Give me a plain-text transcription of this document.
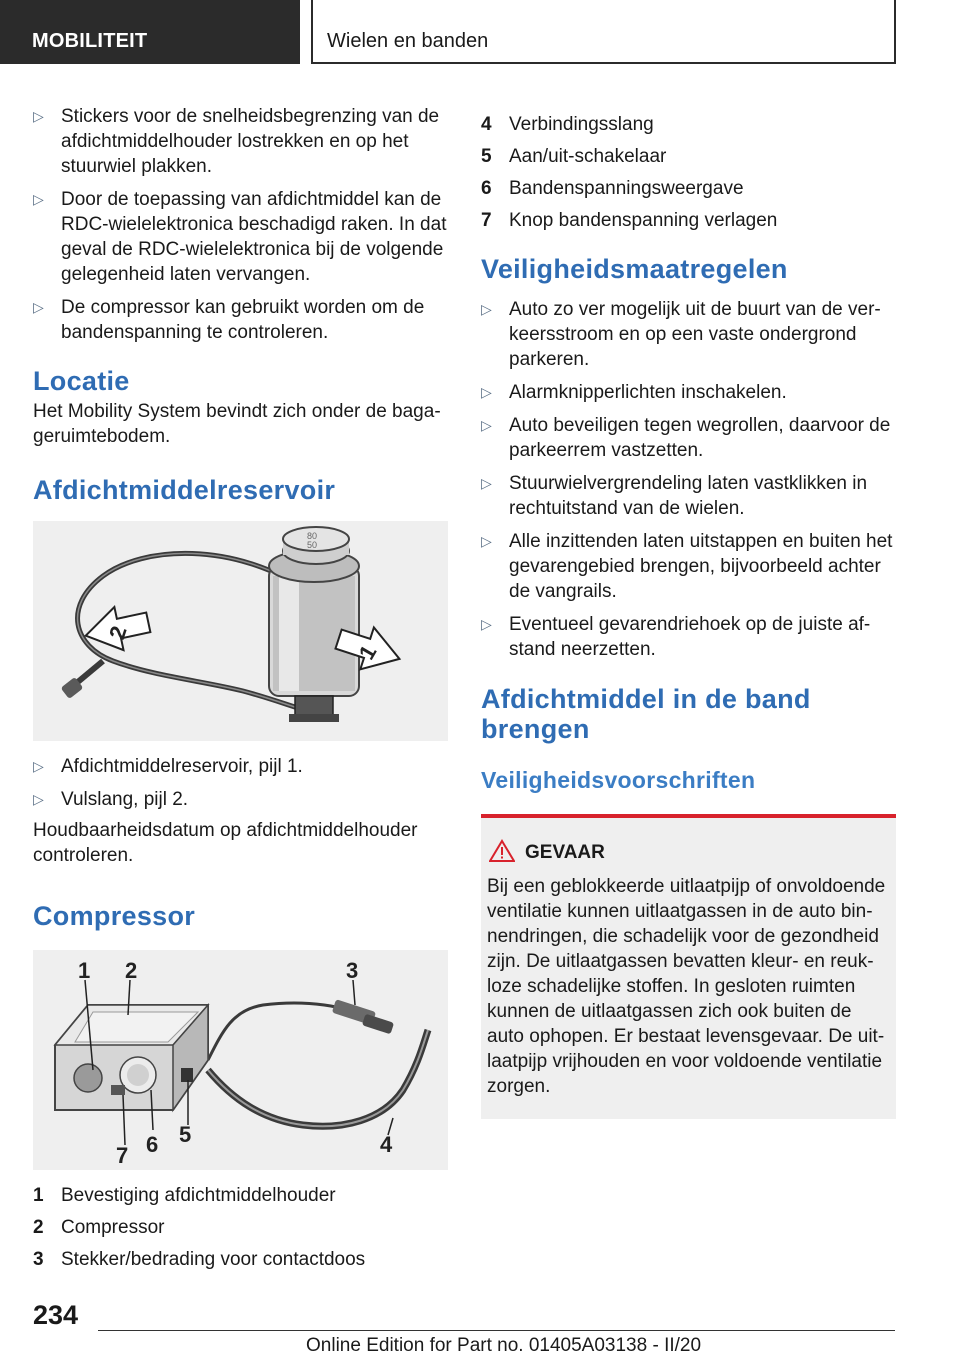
MOBILITEIT	Wielen en banden
▷ Stickers voor de snelheidsbegrenzing van de afdichtmiddelhouder lostrekken en op het stuurwiel plakken.
▷ Door de toepassing van afdichtmiddel kan de RDC-wielelektronica beschadigd raken. In dat geval de RDC-wielelektronica bij de volgende gelegenheid laten vervangen.
▷ De compressor kan gebruikt worden om de bandenspanning te controleren.
Locatie
Het Mobility System bevindt zich onder de bagageruimtebodem.
Afdichtmiddelreservoir
80
50
2
1
▷ Afdichtmiddelreservoir, pijl 1.
▷ Vulslang, pijl 2.
Houdbaarheidsdatum op afdichtmiddelhouder controleren.
Compressor
1 2	3
4
5
6
7
1 Bevestiging afdichtmiddelhouder
2 Compressor
3 Stekker/bedrading voor contactdoos
4 Verbindingsslang
5 Aan/uit-schakelaar
6 Bandenspanningsweergave
7 Knop bandenspanning verlagen
Veiligheidsmaatregelen
▷ Auto zo ver mogelijk uit de buurt van de verkeersstroom en op een vaste ondergrond parkeren.
▷ Alarmknipperlichten inschakelen.
▷ Auto beveiligen tegen wegrollen, daarvoor de parkeerrem vastzetten.
▷ Stuurwielvergrendeling laten vastklikken in rechtuitstand van de wielen.
▷ Alle inzittenden laten uitstappen en buiten het gevarengebied brengen, bijvoorbeeld achter de vangrails.
▷ Eventueel gevarendriehoek op de juiste afstand neerzetten.
Afdichtmiddel in de band brengen
Veiligheidsvoorschriften
GEVAAR
Bij een geblokkeerde uitlaatpijp of onvoldoende ventilatie kunnen uitlaatgassen in de auto binnendringen, die schadelijk voor de gezondheid zijn. De uitlaatgassen bevatten kleur- en reukloze schadelijke stoffen. In gesloten ruimten kunnen de uitlaatgassen zich ook buiten de auto ophopen. Er bestaat levensgevaar. De uitlaatpijp vrijhouden en voor voldoende ventilatie zorgen.
234
Online Edition for Part no. 01405A03138 - II/20
